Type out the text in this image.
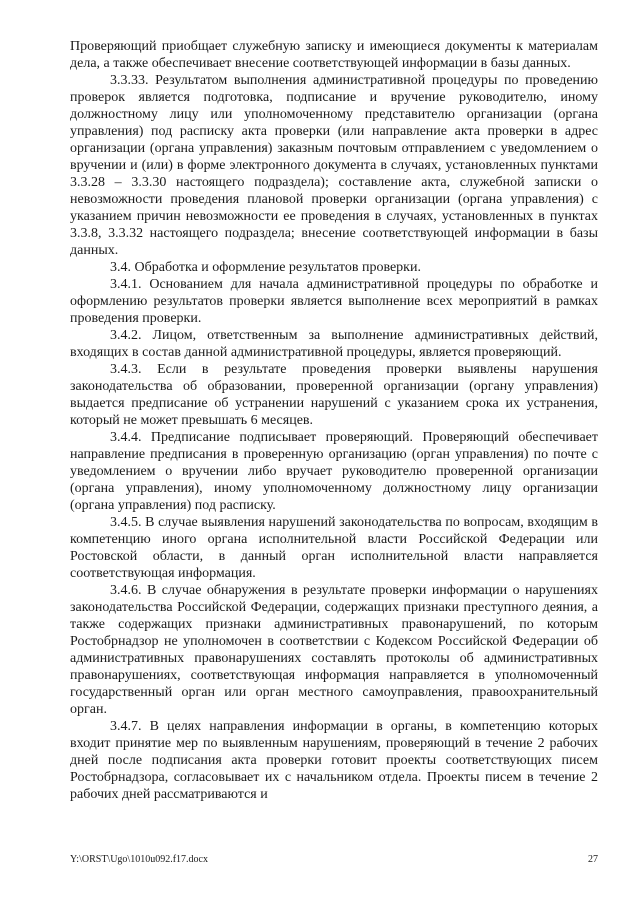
Проверяющий приобщает служебную записку и имеющиеся документы к материалам дела, а также обеспечивает внесение соответствующей информации в базы данных.

3.3.33. Результатом выполнения административной процедуры по проведению проверок является подготовка, подписание и вручение руководителю, иному должностному лицу или уполномоченному представителю организации (органа управления) под расписку акта проверки (или направление акта проверки в адрес организации (органа управления) заказным почтовым отправлением с уведомлением о вручении и (или) в форме электронного документа в случаях, установленных пунктами 3.3.28 – 3.3.30 настоящего подраздела); составление акта, служебной записки о невозможности проведения плановой проверки организации (органа управления) с указанием причин невозможности ее проведения в случаях, установленных в пунктах 3.3.8, 3.3.32 настоящего подраздела; внесение соответствующей информации в базы данных.

3.4. Обработка и оформление результатов проверки.

3.4.1. Основанием для начала административной процедуры по обработке и оформлению результатов проверки является выполнение всех мероприятий в рамках проведения проверки.

3.4.2. Лицом, ответственным за выполнение административных действий, входящих в состав данной административной процедуры, является проверяющий.

3.4.3. Если в результате проведения проверки выявлены нарушения законодательства об образовании, проверенной организации (органу управления) выдается предписание об устранении нарушений с указанием срока их устранения, который не может превышать 6 месяцев.

3.4.4. Предписание подписывает проверяющий. Проверяющий обеспечивает направление предписания в проверенную организацию (орган управления) по почте с уведомлением о вручении либо вручает руководителю проверенной организации (органа управления), иному уполномоченному должностному лицу организации (органа управления) под расписку.

3.4.5. В случае выявления нарушений законодательства по вопросам, входящим в компетенцию иного органа исполнительной власти Российской Федерации или Ростовской области, в данный орган исполнительной власти направляется соответствующая информация.

3.4.6. В случае обнаружения в результате проверки информации о нарушениях законодательства Российской Федерации, содержащих признаки преступного деяния, а также содержащих признаки административных правонарушений, по которым Ростобрнадзор не уполномочен в соответствии с Кодексом Российской Федерации об административных правонарушениях составлять протоколы об административных правонарушениях, соответствующая информация направляется в уполномоченный государственный орган или орган местного самоуправления, правоохранительный орган.

3.4.7. В целях направления информации в органы, в компетенцию которых входит принятие мер по выявленным нарушениям, проверяющий в течение 2 рабочих дней после подписания акта проверки готовит проекты соответствующих писем Ростобрнадзора, согласовывает их с начальником отдела. Проекты писем в течение 2 рабочих дней рассматриваются и

Y:\ORST\Ugo\1010u092.f17.docx	27
